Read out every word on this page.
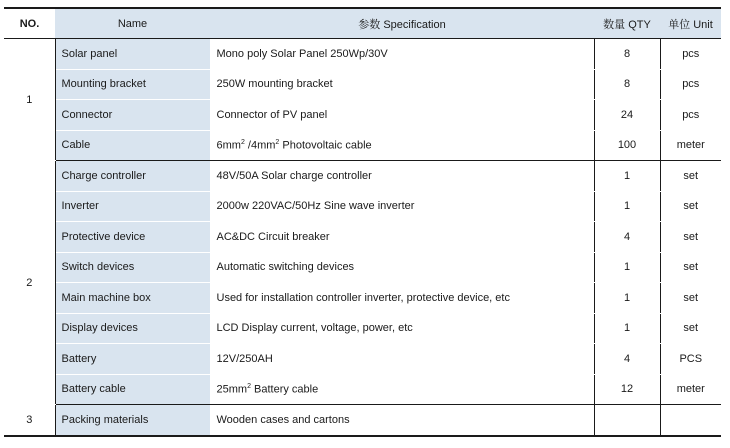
NO.	Name	参数 Specification	数量 QTY	单位 Unit
1	Solar panel	Mono poly Solar Panel 250Wp/30V	8	pcs
	Mounting bracket	250W mounting bracket	8	pcs
	Connector	Connector of PV panel	24	pcs
	Cable	$6mm^2$ $/4mm^2$ Photovoltaic cable	100	meter
2	Charge controller	48V/50A Solar charge controller	1	set
	Inverter	2000w 220VAC/50Hz Sine wave inverter	1	set
	Protective device	AC&DC Circuit breaker	4	set
	Switch devices	Automatic switching devices	1	set
	Main machine box	Used for installation controller inverter, protective device, etc	1	set
	Display devices	LCD Display current, voltage, power, etc	1	set
	Battery	12V/250AH	4	PCS
	Battery cable	$25mm^2$ Battery cable	12	meter
3	Packing materials	Wooden cases and cartons		
